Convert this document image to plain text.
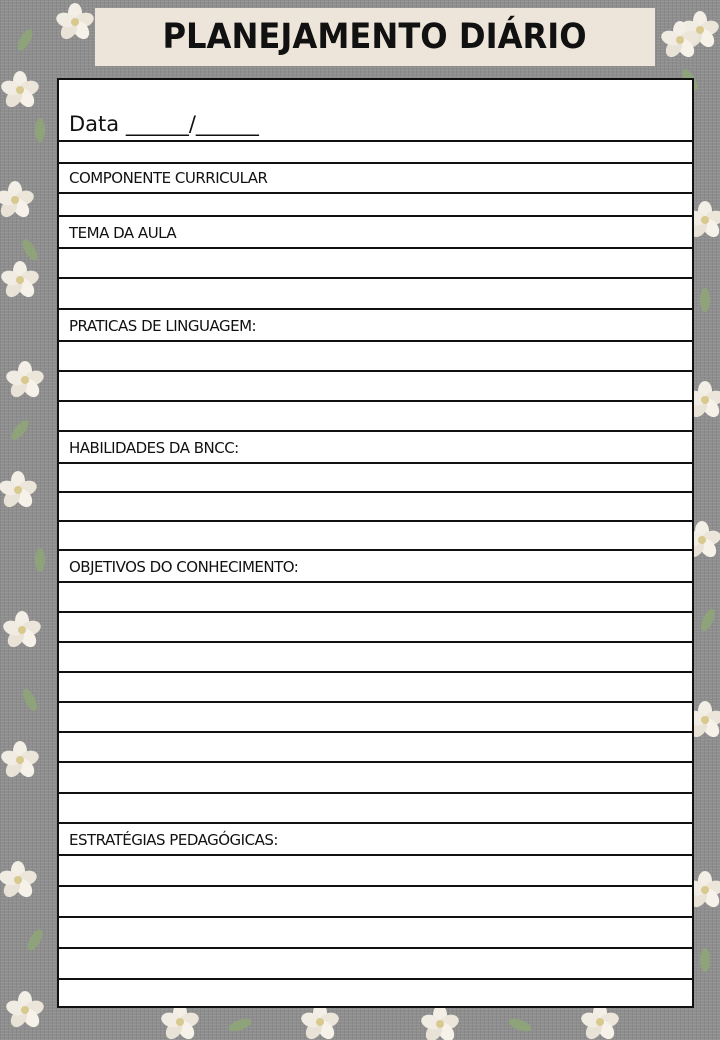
PLANEJAMENTO DIÁRIO
Data ______/______
COMPONENTE CURRICULAR
TEMA DA AULA
PRATICAS DE LINGUAGEM:
HABILIDADES DA BNCC:
OBJETIVOS DO CONHECIMENTO:
ESTRATÉGIAS PEDAGÓGICAS:
